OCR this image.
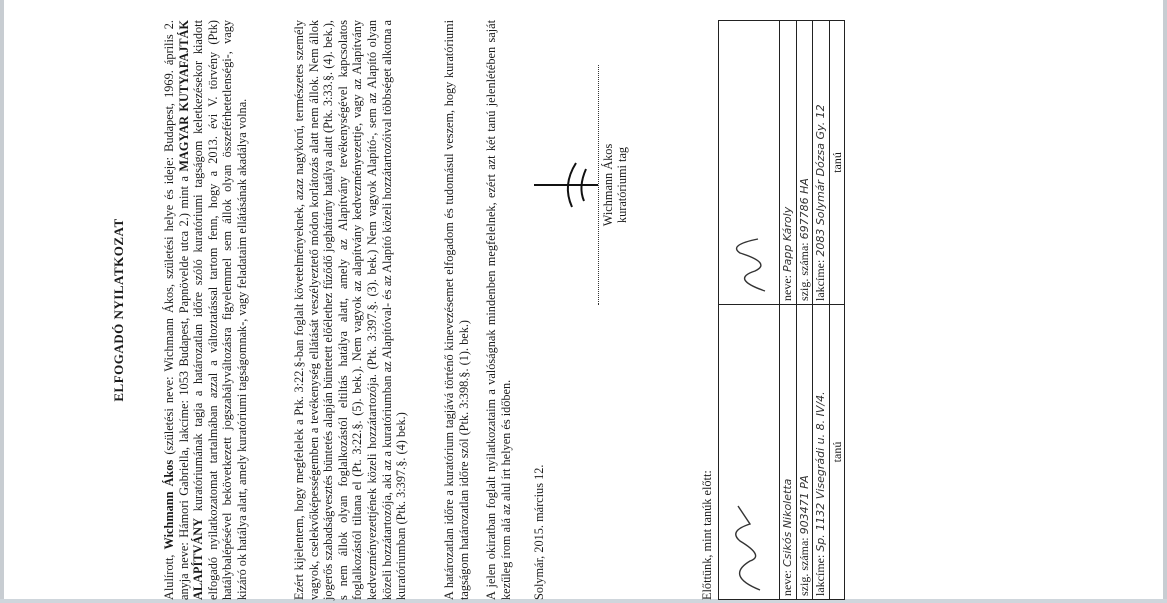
ELFOGADÓ NYILATKOZAT

Alulírott, Wichmann Ákos (születési neve: Wichmann Ákos, születési helye és ideje: Budapest, 1969. április 2. anyja neve: Hámori Gabriella, lakcíme: 1053 Budapest, Papnövelde utca 2.) mint a MAGYAR KUTYAFAJTÁK ALAPÍTVÁNY kuratóriumának tagja a határozatlan időre szóló kuratóriumi tagságom keletkezésekor kiadott elfogadó nyilatkozatomat tartalmában azzal a változtatással tartom fenn, hogy a 2013. évi V. törvény (Ptk) hatálybalépésével bekövetkezett jogszabályváltozásra figyelemmel sem állok olyan összeférhetetlenségi-, vagy kizáró ok hatálya alatt, amely kuratóriumi tagságomnak-, vagy feladataim ellátásának akadálya volna.	Ezért kijelentem, hogy megfelelek a Ptk. 3:22.§-ban foglalt követelményeknek, azaz nagykorú, természetes személy vagyok, cselekvőképességemben a tevékenység ellátását veszélyeztető módon korlátozás alatt nem állok. Nem állok jogerős szabadságvesztés büntetés alapján büntetett előélethez fűződő joghátrány hatálya alatt (Ptk. 3:33.§. (4). bek.), s nem állok olyan foglalkozástól eltiltás hatálya alatt, amely az Alapítvány tevékenységével kapcsolatos foglalkozástól tiltana el (Pt. 3:22.§. (5). bek.). Nem vagyok az alapítvány kedvezményezettje, vagy az Alapítvány kedvezményezettjének közeli hozzátartozója. (Ptk. 3:397.§. (3). bek.) Nem vagyok Alapító-, sem az Alapító olyan közeli hozzátartozója, aki az a kuratóriumban az Alapítóval- és az Alapító közeli hozzátartozóival többséget alkotna a kuratóriumban (Ptk. 3:397.§. (4) bek.)	A határozatlan időre a kuratórium tagjává történő kinevezésemet elfogadom és tudomásul veszem, hogy kuratóriumi tagságom határozatlan időre szól (Ptk. 3:398.§. (1). bek.) A jelen okiratban foglalt nyilatkozataim a valóságnak mindenben megfelelnek, ezért azt két tanú jelenlétében saját kezűleg írom alá az alul írt helyen és időben. Solymár, 2015. március 12.
Wichmann Ákos kuratóriumi tag
Előttünk, mint tanúk előtt:
		neve: Csikós Nikoletta	neve: Papp Károly
szig. száma: 903471 PA	szig. száma: 697786 HA
lakcíme: Sp. 1132 Visegrádi u. 8. IV/4.	lakcíme: 2083 Solymár Dózsa Gy. 12
tanú	tanú
